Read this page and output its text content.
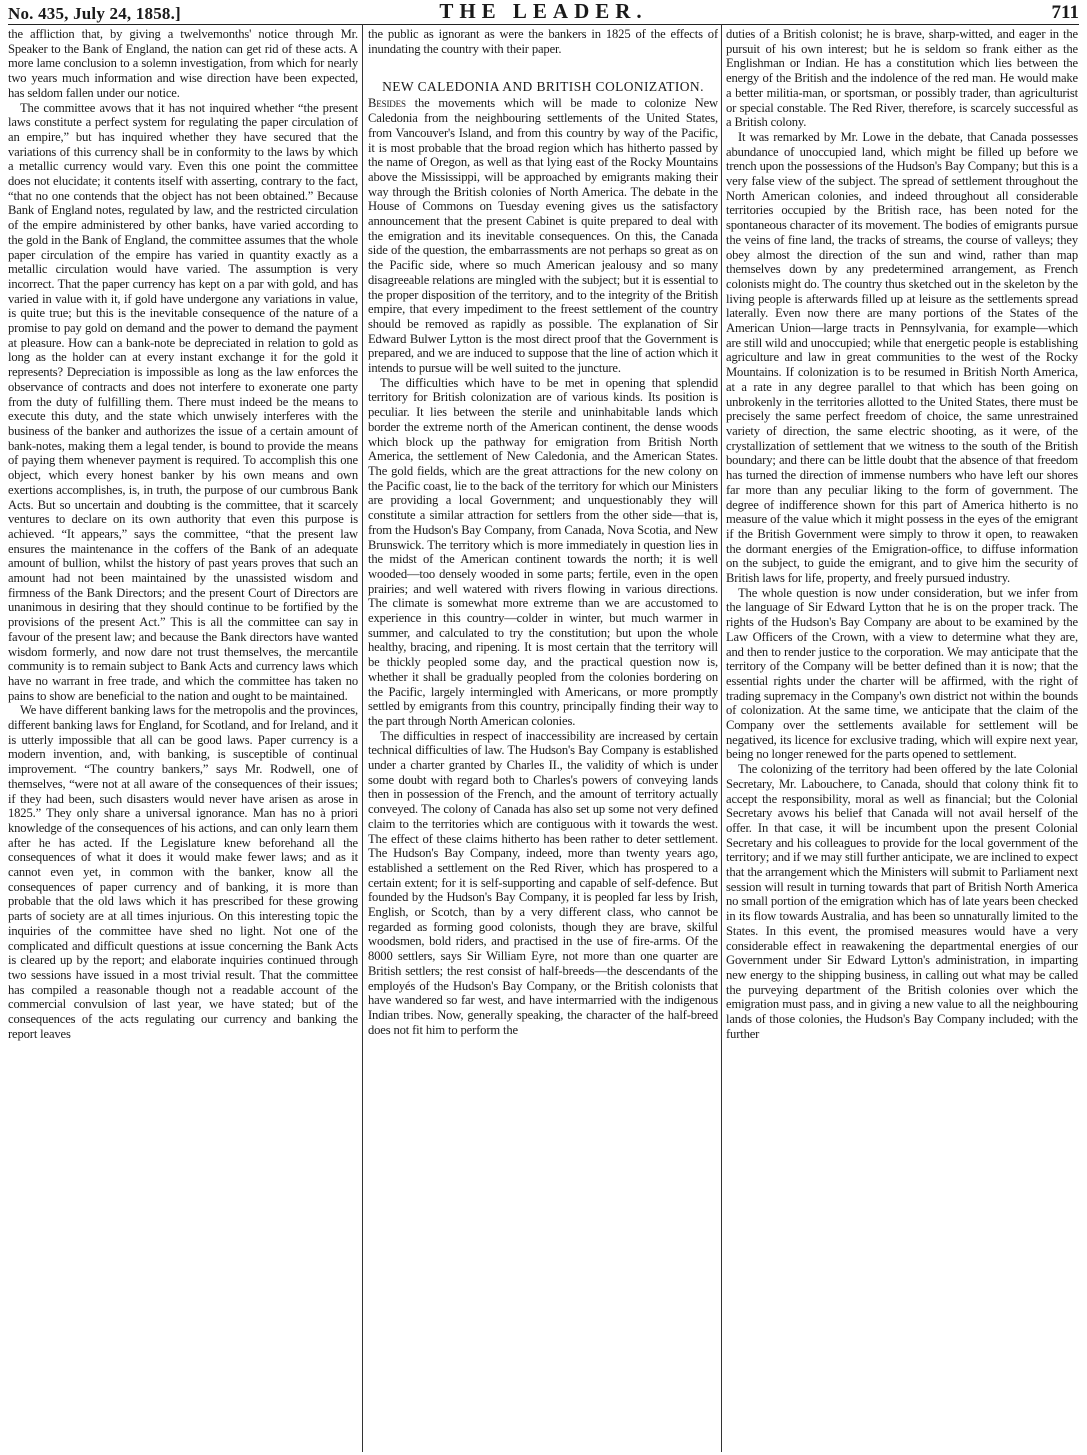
No. 435, July 24, 1858.]	THE LEADER.	711

the affliction that, by giving a twelvemonths' notice through Mr. Speaker to the Bank of England, the nation can get rid of these acts. A more lame conclusion to a solemn investigation, from which for nearly two years much information and wise direction have been expected, has seldom fallen under our notice.

The committee avows that it has not inquired whether “the present laws constitute a perfect system for regulating the paper circulation of an empire,” but has inquired whether they have secured that the variations of this currency shall be in conformity to the laws by which a metallic currency would vary. Even this one point the committee does not elucidate; it contents itself with asserting, contrary to the fact, “that no one contends that the object has not been obtained.” Because Bank of England notes, regulated by law, and the restricted circulation of the empire administered by other banks, have varied according to the gold in the Bank of England, the committee assumes that the whole paper circulation of the empire has varied in quantity exactly as a metallic circulation would have varied. The assumption is very incorrect. That the paper currency has kept on a par with gold, and has varied in value with it, if gold have undergone any variations in value, is quite true; but this is the inevitable consequence of the nature of a promise to pay gold on demand and the power to demand the payment at pleasure. How can a bank-note be depreciated in relation to gold as long as the holder can at every instant exchange it for the gold it represents? Depreciation is impossible as long as the law enforces the observance of contracts and does not interfere to exonerate one party from the duty of fulfilling them. There must indeed be the means to execute this duty, and the state which unwisely interferes with the business of the banker and authorizes the issue of a certain amount of bank-notes, making them a legal tender, is bound to provide the means of paying them whenever payment is required. To accomplish this one object, which every honest banker by his own means and own exertions accomplishes, is, in truth, the purpose of our cumbrous Bank Acts. But so uncertain and doubting is the committee, that it scarcely ventures to declare on its own authority that even this purpose is achieved. “It appears,” says the committee, “that the present law ensures the maintenance in the coffers of the Bank of an adequate amount of bullion, whilst the history of past years proves that such an amount had not been maintained by the unassisted wisdom and firmness of the Bank Directors; and the present Court of Directors are unanimous in desiring that they should continue to be fortified by the provisions of the present Act.” This is all the committee can say in favour of the present law; and because the Bank directors have wanted wisdom formerly, and now dare not trust themselves, the mercantile community is to remain subject to Bank Acts and currency laws which have no warrant in free trade, and which the committee has taken no pains to show are beneficial to the nation and ought to be maintained.

We have different banking laws for the metropolis and the provinces, different banking laws for England, for Scotland, and for Ireland, and it is utterly impossible that all can be good laws. Paper currency is a modern invention, and, with banking, is susceptible of continual improvement. “The country bankers,” says Mr. Rodwell, one of themselves, “were not at all aware of the consequences of their issues; if they had been, such disasters would never have arisen as arose in 1825.” They only share a universal ignorance. Man has no à priori knowledge of the consequences of his actions, and can only learn them after he has acted. If the Legislature knew beforehand all the consequences of what it does it would make fewer laws; and as it cannot even yet, in common with the banker, know all the consequences of paper currency and of banking, it is more than probable that the old laws which it has prescribed for these growing parts of society are at all times injurious. On this interesting topic the inquiries of the committee have shed no light. Not one of the complicated and difficult questions at issue concerning the Bank Acts is cleared up by the report; and elaborate inquiries continued through two sessions have issued in a most trivial result. That the committee has compiled a reasonable though not a readable account of the commercial convulsion of last year, we have stated; but of the consequences of the acts regulating our currency and banking the report leaves

the public as ignorant as were the bankers in 1825 of the effects of inundating the country with their paper.

NEW CALEDONIA AND BRITISH COLONIZATION.

Besides the movements which will be made to colonize New Caledonia from the neighbouring settlements of the United States, from Vancouver's Island, and from this country by way of the Pacific, it is most probable that the broad region which has hitherto passed by the name of Oregon, as well as that lying east of the Rocky Mountains above the Mississippi, will be approached by emigrants making their way through the British colonies of North America. The debate in the House of Commons on Tuesday evening gives us the satisfactory announcement that the present Cabinet is quite prepared to deal with the emigration and its inevitable consequences. On this, the Canada side of the question, the embarrassments are not perhaps so great as on the Pacific side, where so much American jealousy and so many disagreeable relations are mingled with the subject; but it is essential to the proper disposition of the territory, and to the integrity of the British empire, that every impediment to the freest settlement of the country should be removed as rapidly as possible. The explanation of Sir Edward Bulwer Lytton is the most direct proof that the Government is prepared, and we are induced to suppose that the line of action which it intends to pursue will be well suited to the juncture.

The difficulties which have to be met in opening that splendid territory for British colonization are of various kinds. Its position is peculiar. It lies between the sterile and uninhabitable lands which border the extreme north of the American continent, the dense woods which block up the pathway for emigration from British North America, the settlement of New Caledonia, and the American States. The gold fields, which are the great attractions for the new colony on the Pacific coast, lie to the back of the territory for which our Ministers are providing a local Government; and unquestionably they will constitute a similar attraction for settlers from the other side—that is, from the Hudson's Bay Company, from Canada, Nova Scotia, and New Brunswick. The territory which is more immediately in question lies in the midst of the American continent towards the north; it is well wooded—too densely wooded in some parts; fertile, even in the open prairies; and well watered with rivers flowing in various directions. The climate is somewhat more extreme than we are accustomed to experience in this country—colder in winter, but much warmer in summer, and calculated to try the constitution; but upon the whole healthy, bracing, and ripening. It is most certain that the territory will be thickly peopled some day, and the practical question now is, whether it shall be gradually peopled from the colonies bordering on the Pacific, largely intermingled with Americans, or more promptly settled by emigrants from this country, principally finding their way to the part through North American colonies.

The difficulties in respect of inaccessibility are increased by certain technical difficulties of law. The Hudson's Bay Company is established under a charter granted by Charles II., the validity of which is under some doubt with regard both to Charles's powers of conveying lands then in possession of the French, and the amount of territory actually conveyed. The colony of Canada has also set up some not very defined claim to the territories which are contiguous with it towards the west. The effect of these claims hitherto has been rather to deter settlement. The Hudson's Bay Company, indeed, more than twenty years ago, established a settlement on the Red River, which has prospered to a certain extent; for it is self-supporting and capable of self-defence. But founded by the Hudson's Bay Company, it is peopled far less by Irish, English, or Scotch, than by a very different class, who cannot be regarded as forming good colonists, though they are brave, skilful woodsmen, bold riders, and practised in the use of fire-arms. Of the 8000 settlers, says Sir William Eyre, not more than one quarter are British settlers; the rest consist of half-breeds—the descendants of the employés of the Hudson's Bay Company, or the British colonists that have wandered so far west, and have intermarried with the indigenous Indian tribes. Now, generally speaking, the character of the half-breed does not fit him to perform the

duties of a British colonist; he is brave, sharp-witted, and eager in the pursuit of his own interest; but he is seldom so frank either as the Englishman or Indian. He has a constitution which lies between the energy of the British and the indolence of the red man. He would make a better militia-man, or sportsman, or possibly trader, than agriculturist or special constable. The Red River, therefore, is scarcely successful as a British colony.

It was remarked by Mr. Lowe in the debate, that Canada possesses abundance of unoccupied land, which might be filled up before we trench upon the possessions of the Hudson's Bay Company; but this is a very false view of the subject. The spread of settlement throughout the North American colonies, and indeed throughout all considerable territories occupied by the British race, has been noted for the spontaneous character of its movement. The bodies of emigrants pursue the veins of fine land, the tracks of streams, the course of valleys; they obey almost the direction of the sun and wind, rather than map themselves down by any predetermined arrangement, as French colonists might do. The country thus sketched out in the skeleton by the living people is afterwards filled up at leisure as the settlements spread laterally. Even now there are many portions of the States of the American Union—large tracts in Pennsylvania, for example—which are still wild and unoccupied; while that energetic people is establishing agriculture and law in great communities to the west of the Rocky Mountains. If colonization is to be resumed in British North America, at a rate in any degree parallel to that which has been going on unbrokenly in the territories allotted to the United States, there must be precisely the same perfect freedom of choice, the same unrestrained variety of direction, the same electric shooting, as it were, of the crystallization of settlement that we witness to the south of the British boundary; and there can be little doubt that the absence of that freedom has turned the direction of immense numbers who have left our shores far more than any peculiar liking to the form of government. The degree of indifference shown for this part of America hitherto is no measure of the value which it might possess in the eyes of the emigrant if the British Government were simply to throw it open, to reawaken the dormant energies of the Emigration-office, to diffuse information on the subject, to guide the emigrant, and to give him the security of British laws for life, property, and freely pursued industry.

The whole question is now under consideration, but we infer from the language of Sir Edward Lytton that he is on the proper track. The rights of the Hudson's Bay Company are about to be examined by the Law Officers of the Crown, with a view to determine what they are, and then to render justice to the corporation. We may anticipate that the territory of the Company will be better defined than it is now; that the essential rights under the charter will be affirmed, with the right of trading supremacy in the Company's own district not within the bounds of colonization. At the same time, we anticipate that the claim of the Company over the settlements available for settlement will be negatived, its licence for exclusive trading, which will expire next year, being no longer renewed for the parts opened to settlement.

The colonizing of the territory had been offered by the late Colonial Secretary, Mr. Labouchere, to Canada, should that colony think fit to accept the responsibility, moral as well as financial; but the Colonial Secretary avows his belief that Canada will not avail herself of the offer. In that case, it will be incumbent upon the present Colonial Secretary and his colleagues to provide for the local government of the territory; and if we may still further anticipate, we are inclined to expect that the arrangement which the Ministers will submit to Parliament next session will result in turning towards that part of British North America no small portion of the emigration which has of late years been checked in its flow towards Australia, and has been so unnaturally limited to the States. In this event, the promised measures would have a very considerable effect in reawakening the departmental energies of our Government under Sir Edward Lytton's administration, in imparting new energy to the shipping business, in calling out what may be called the purveying department of the British colonies over which the emigration must pass, and in giving a new value to all the neighbouring lands of those colonies, the Hudson's Bay Company included; with the further
